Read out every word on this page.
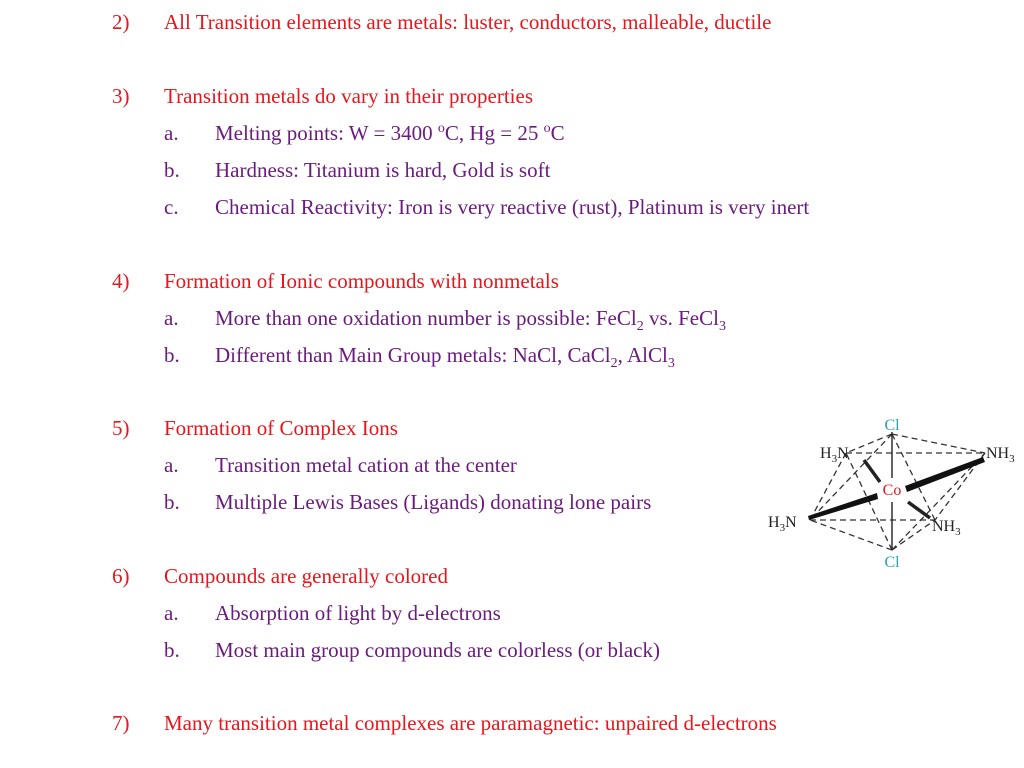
2) All Transition elements are metals: luster, conductors, malleable, ductile
3) Transition metals do vary in their properties
a. Melting points: W = 3400 $^o$C, Hg = 25 $^o$C
b. Hardness: Titanium is hard, Gold is soft
c. Chemical Reactivity: Iron is very reactive (rust), Platinum is very inert
4) Formation of Ionic compounds with nonmetals
a. More than one oxidation number is possible: FeCl$_2$ vs. FeCl$_3$
b. Different than Main Group metals: NaCl, CaCl$_2$, AlCl$_3$
5) Formation of Complex Ions
a. Transition metal cation at the center
b. Multiple Lewis Bases (Ligands) donating lone pairs
6) Compounds are generally colored
a. Absorption of light by d-electrons
b. Most main group compounds are colorless (or black)
7) Many transition metal complexes are paramagnetic: unpaired d-electrons
Cl
Cl
Co
$H_3N$	$NH_3$
$H_3N$	$NH_3$
